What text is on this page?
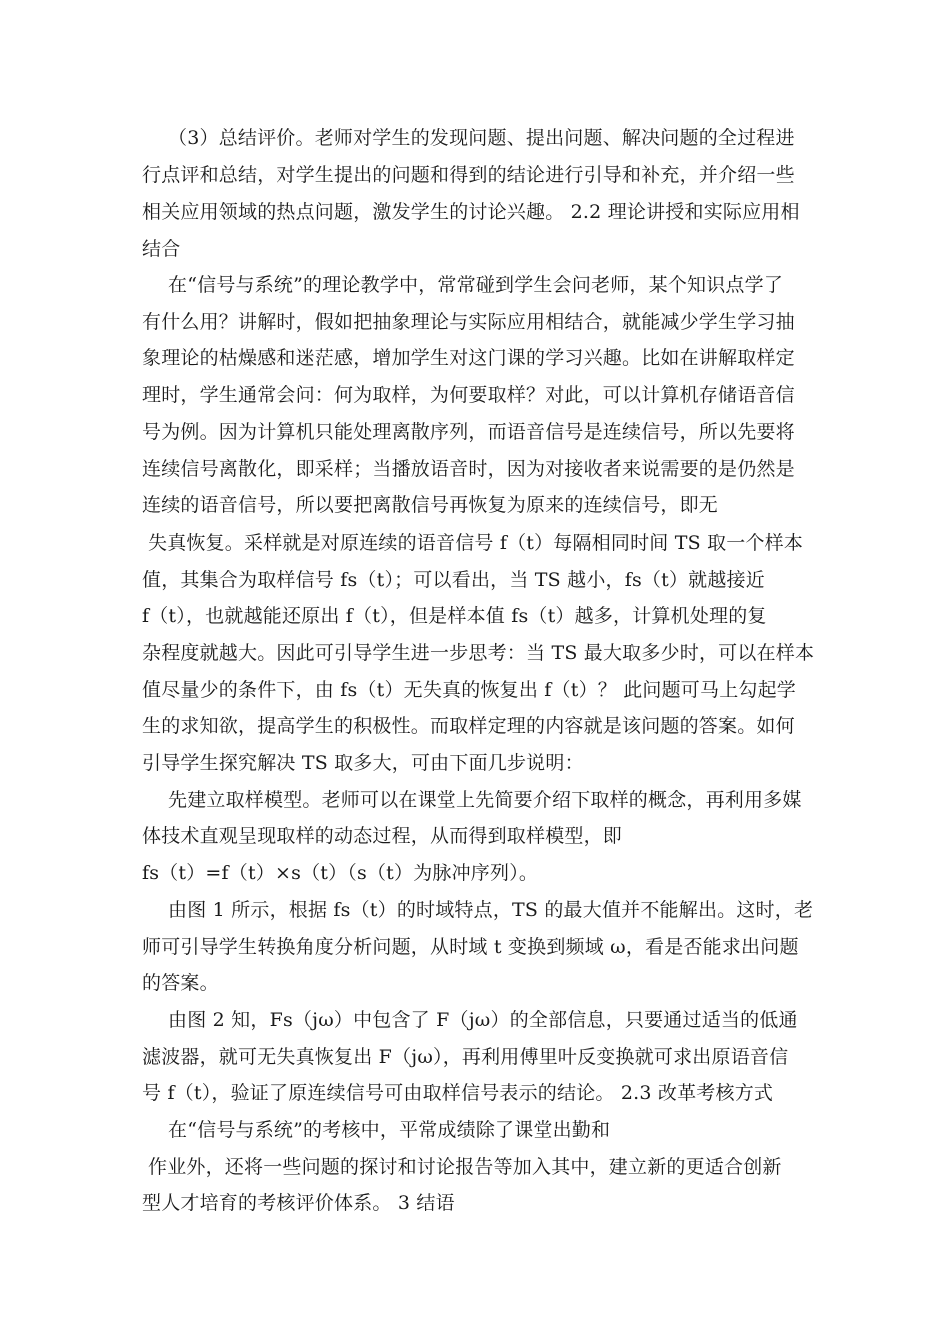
（3）总结评价。老师对学生的发现问题、提出问题、解决问题的全过程进
行点评和总结，对学生提出的问题和得到的结论进行引导和补充，并介绍一些
相关应用领域的热点问题，激发学生的讨论兴趣。 2.2 理论讲授和实际应用相
结合
在“信号与系统”的理论教学中，常常碰到学生会问老师，某个知识点学了
有什么用？讲解时，假如把抽象理论与实际应用相结合，就能减少学生学习抽
象理论的枯燥感和迷茫感，增加学生对这门课的学习兴趣。比如在讲解取样定
理时，学生通常会问：何为取样，为何要取样？对此，可以计算机存储语音信
号为例。因为计算机只能处理离散序列，而语音信号是连续信号，所以先要将
连续信号离散化，即采样；当播放语音时，因为对接收者来说需要的是仍然是
连续的语音信号，所以要把离散信号再恢复为原来的连续信号，即无
失真恢复。采样就是对原连续的语音信号 f（t）每隔相同时间 TS 取一个样本
值，其集合为取样信号 fs（t）；可以看出，当 TS 越小，fs（t）就越接近
f（t），也就越能还原出 f（t），但是样本值 fs（t）越多，计算机处理的复
杂程度就越大。因此可引导学生进一步思考：当 TS 最大取多少时，可以在样本
值尽量少的条件下，由 fs（t）无失真的恢复出 f（t）？ 此问题可马上勾起学
生的求知欲，提高学生的积极性。而取样定理的内容就是该问题的答案。如何
引导学生探究解决 TS 取多大，可由下面几步说明：
先建立取样模型。老师可以在课堂上先简要介绍下取样的概念，再利用多媒
体技术直观呈现取样的动态过程，从而得到取样模型，即
fs（t）=f（t）×s（t）（s（t）为脉冲序列）。
由图 1 所示，根据 fs（t）的时域特点，TS 的最大值并不能解出。这时，老
师可引导学生转换角度分析问题，从时域 t 变换到频域 ω，看是否能求出问题
的答案。
由图 2 知，Fs（jω）中包含了 F（jω）的全部信息，只要通过适当的低通
滤波器，就可无失真恢复出 F（jω），再利用傅里叶反变换就可求出原语音信
号 f（t），验证了原连续信号可由取样信号表示的结论。 2.3 改革考核方式
在“信号与系统”的考核中，平常成绩除了课堂出勤和
作业外，还将一些问题的探讨和讨论报告等加入其中，建立新的更适合创新
型人才培育的考核评价体系。 3 结语
